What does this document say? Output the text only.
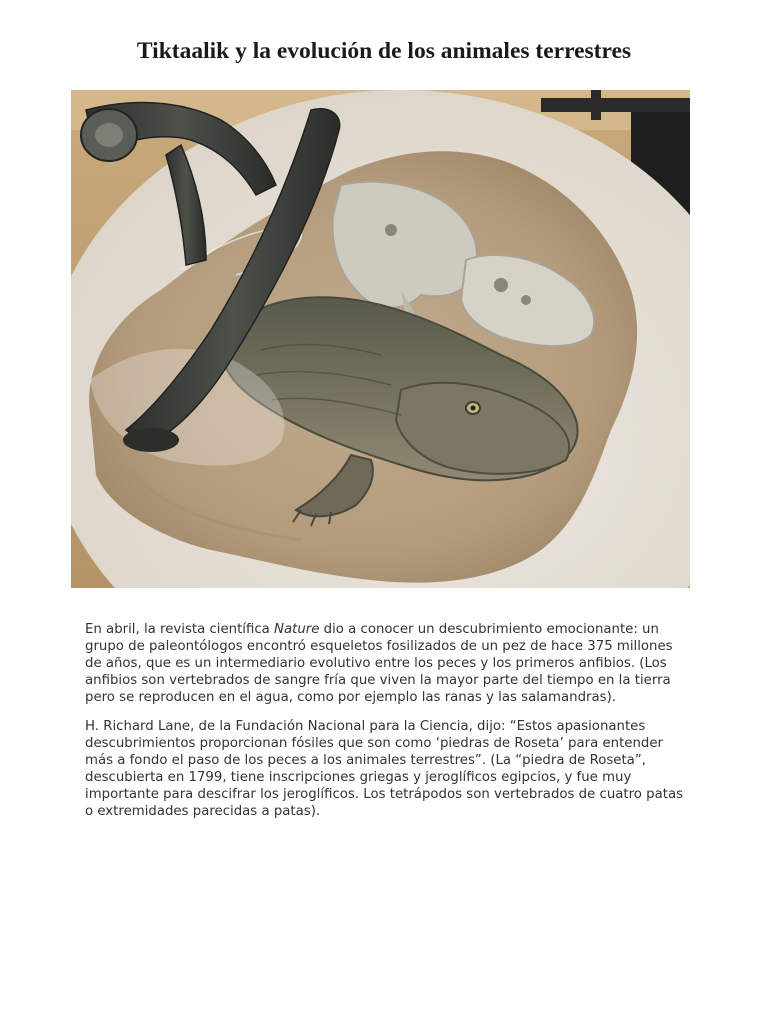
Tiktaalik y la evolución de los animales terrestres

En abril, la revista científica Nature dio a conocer un descubrimiento emocionante: un grupo de paleontólogos encontró esqueletos fosilizados de un pez de hace 375 millones de años, que es un intermediario evolutivo entre los peces y los primeros anfibios. (Los anfibios son vertebrados de sangre fría que viven la mayor parte del tiempo en la tierra pero se reproducen en el agua, como por ejemplo las ranas y las salamandras).

H. Richard Lane, de la Fundación Nacional para la Ciencia, dijo: “Estos apasionantes descubrimientos proporcionan fósiles que son como ‘piedras de Roseta’ para entender más a fondo el paso de los peces a los animales terrestres”. (La “piedra de Roseta”, descubierta en 1799, tiene inscripciones griegas y jeroglíficos egipcios, y fue muy importante para descifrar los jeroglíficos. Los tetrápodos son vertebrados de cuatro patas o extremidades parecidas a patas).
